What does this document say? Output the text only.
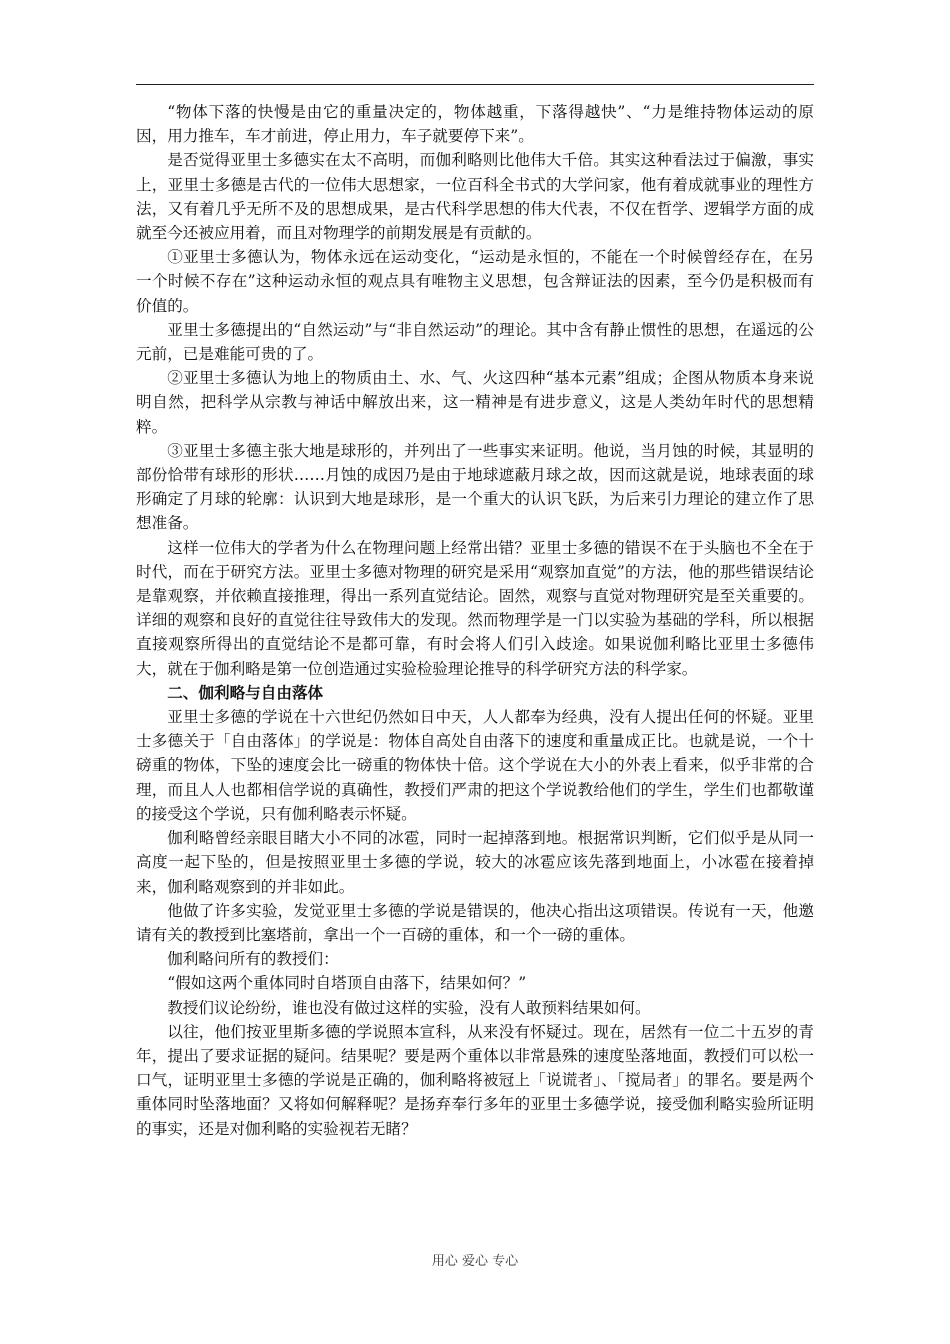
“物体下落的快慢是由它的重量决定的，物体越重，下落得越快”、“力是维持物体运动的原因，用力推车，车才前进，停止用力，车子就要停下来”。

是否觉得亚里士多德实在太不高明，而伽利略则比他伟大千倍。其实这种看法过于偏激，事实上，亚里士多德是古代的一位伟大思想家，一位百科全书式的大学问家，他有着成就事业的理性方法，又有着几乎无所不及的思想成果，是古代科学思想的伟大代表，不仅在哲学、逻辑学方面的成就至今还被应用着，而且对物理学的前期发展是有贡献的。

①亚里士多德认为，物体永远在运动变化，“运动是永恒的，不能在一个时候曾经存在，在另一个时候不存在”这种运动永恒的观点具有唯物主义思想，包含辩证法的因素，至今仍是积极而有价值的。

亚里士多德提出的“自然运动”与“非自然运动”的理论。其中含有静止惯性的思想，在遥远的公元前，已是难能可贵的了。

②亚里士多德认为地上的物质由土、水、气、火这四种“基本元素”组成；企图从物质本身来说明自然，把科学从宗教与神话中解放出来，这一精神是有进步意义，这是人类幼年时代的思想精粹。

③亚里士多德主张大地是球形的，并列出了一些事实来证明。他说，当月蚀的时候，其显明的部份恰带有球形的形状……月蚀的成因乃是由于地球遮蔽月球之故，因而这就是说，地球表面的球形确定了月球的轮廓：认识到大地是球形，是一个重大的认识飞跃，为后来引力理论的建立作了思想准备。

这样一位伟大的学者为什么在物理问题上经常出错？亚里士多德的错误不在于头脑也不全在于时代，而在于研究方法。亚里士多德对物理的研究是采用“观察加直觉”的方法，他的那些错误结论是靠观察，并依赖直接推理，得出一系列直觉结论。固然，观察与直觉对物理研究是至关重要的。详细的观察和良好的直觉往往导致伟大的发现。然而物理学是一门以实验为基础的学科，所以根据直接观察所得出的直觉结论不是都可靠，有时会将人们引入歧途。如果说伽利略比亚里士多德伟大，就在于伽利略是第一位创造通过实验检验理论推导的科学研究方法的科学家。

二、伽利略与自由落体

亚里士多德的学说在十六世纪仍然如日中天，人人都奉为经典，没有人提出任何的怀疑。亚里士多德关于「自由落体」的学说是：物体自高处自由落下的速度和重量成正比。也就是说，一个十磅重的物体，下坠的速度会比一磅重的物体快十倍。这个学说在大小的外表上看来，似乎非常的合理，而且人人也都相信学说的真确性，教授们严肃的把这个学说教给他们的学生，学生们也都敬谨的接受这个学说，只有伽利略表示怀疑。

伽利略曾经亲眼目睹大小不同的冰雹，同时一起掉落到地。根据常识判断，它们似乎是从同一高度一起下坠的，但是按照亚里士多德的学说，较大的冰雹应该先落到地面上，小冰雹在接着掉来，伽利略观察到的并非如此。

他做了许多实验，发觉亚里士多德的学说是错误的，他决心指出这项错误。传说有一天，他邀请有关的教授到比塞塔前，拿出一个一百磅的重体，和一个一磅的重体。

伽利略问所有的教授们：

“假如这两个重体同时自塔顶自由落下，结果如何？”

教授们议论纷纷，谁也没有做过这样的实验，没有人敢预料结果如何。

以往，他们按亚里斯多德的学说照本宣科，从来没有怀疑过。现在，居然有一位二十五岁的青年，提出了要求证据的疑问。结果呢？要是两个重体以非常悬殊的速度坠落地面，教授们可以松一口气，证明亚里士多德的学说是正确的，伽利略将被冠上「说谎者」、「搅局者」的罪名。要是两个重体同时坠落地面？又将如何解释呢？是扬弃奉行多年的亚里士多德学说，接受伽利略实验所证明的事实，还是对伽利略的实验视若无睹？

用心 爱心 专心
